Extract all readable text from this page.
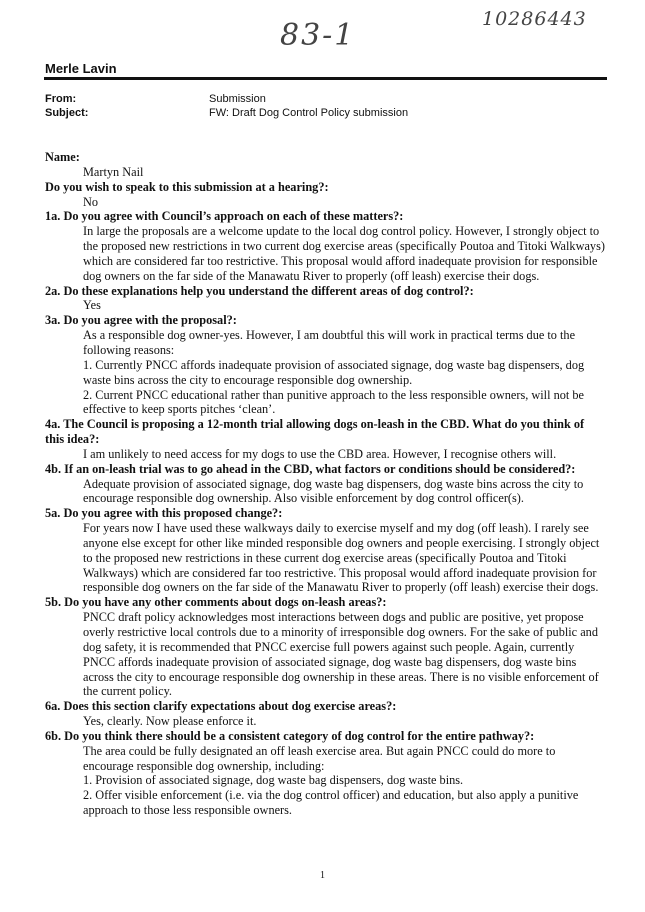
83-1	10286443
Merle Lavin
From:	Submission
Subject:	FW: Draft Dog Control Policy submission
Name:
Martyn Nail
Do you wish to speak to this submission at a hearing?:
No
1a. Do you agree with Council’s approach on each of these matters?:
In large the proposals are a welcome update to the local dog control policy. However, I strongly object to the proposed new restrictions in two current dog exercise areas (specifically Poutoa and Titoki Walkways) which are considered far too restrictive. This proposal would afford inadequate provision for responsible dog owners on the far side of the Manawatu River to properly (off leash) exercise their dogs.
2a. Do these explanations help you understand the different areas of dog control?:
Yes
3a. Do you agree with the proposal?:
As a responsible dog owner-yes. However, I am doubtful this will work in practical terms due to the following reasons:
1. Currently PNCC affords inadequate provision of associated signage, dog waste bag dispensers, dog waste bins across the city to encourage responsible dog ownership.
2. Current PNCC educational rather than punitive approach to the less responsible owners, will not be effective to keep sports pitches ‘clean’.
4a. The Council is proposing a 12-month trial allowing dogs on-leash in the CBD. What do you think of this idea?:
I am unlikely to need access for my dogs to use the CBD area. However, I recognise others will.
4b. If an on-leash trial was to go ahead in the CBD, what factors or conditions should be considered?:
Adequate provision of associated signage, dog waste bag dispensers, dog waste bins across the city to encourage responsible dog ownership. Also visible enforcement by dog control officer(s).
5a. Do you agree with this proposed change?:
For years now I have used these walkways daily to exercise myself and my dog (off leash). I rarely see anyone else except for other like minded responsible dog owners and people exercising. I strongly object to the proposed new restrictions in these current dog exercise areas (specifically Poutoa and Titoki Walkways) which are considered far too restrictive. This proposal would afford inadequate provision for responsible dog owners on the far side of the Manawatu River to properly (off leash) exercise their dogs.
5b. Do you have any other comments about dogs on-leash areas?:
PNCC draft policy acknowledges most interactions between dogs and public are positive, yet propose overly restrictive local controls due to a minority of irresponsible dog owners. For the sake of public and dog safety, it is recommended that PNCC exercise full powers against such people. Again, currently PNCC affords inadequate provision of associated signage, dog waste bag dispensers, dog waste bins across the city to encourage responsible dog ownership in these areas. There is no visible enforcement of the current policy.
6a. Does this section clarify expectations about dog exercise areas?:
Yes, clearly. Now please enforce it.
6b. Do you think there should be a consistent category of dog control for the entire pathway?:
The area could be fully designated an off leash exercise area. But again PNCC could do more to encourage responsible dog ownership, including:
1. Provision of associated signage, dog waste bag dispensers, dog waste bins.
2. Offer visible enforcement (i.e. via the dog control officer) and education, but also apply a punitive approach to those less responsible owners.
1
